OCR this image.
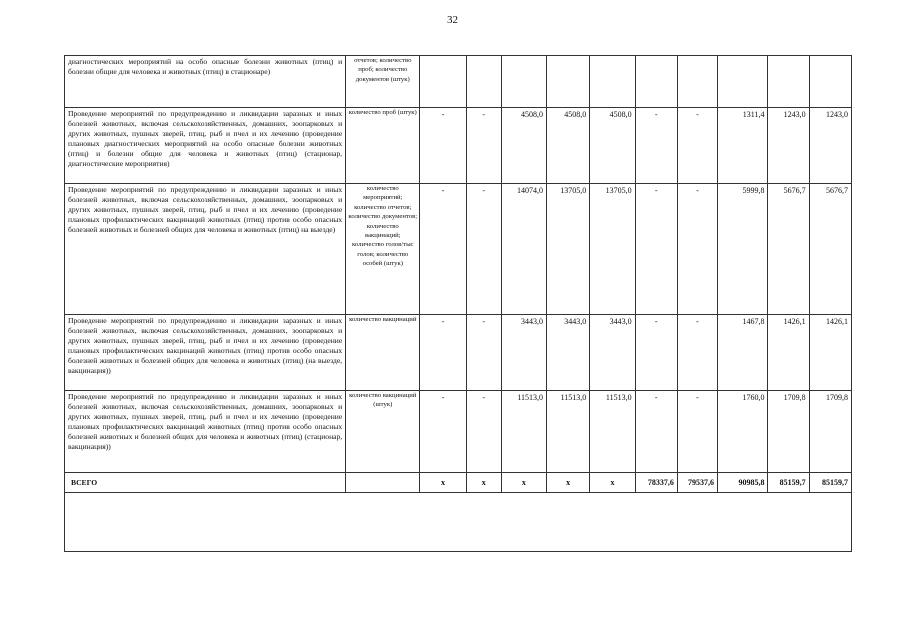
32
диагностических мероприятий на особо опасные болезни животных (птиц) и болезни общие для человека и животных (птиц) в стационаре)	отчетов; количество проб; количество документов (штук)										
Проведение мероприятий по предупреждению и ликвидации заразных и иных болезней животных, включая сельскохозяйственных, домашних, зоопарковых и других животных, пушных зверей, птиц, рыб и пчел и их лечению (проведение плановых диагностических мероприятий на особо опасные болезни животных (птиц) и болезни общие для человека и животных (птиц) (стационар, диагностические мероприятия)	количество проб (штук)	-	-	4508,0	4508,0	4508,0	-	-	1311,4	1243,0	1243,0
Проведение мероприятий по предупреждению и ликвидации заразных и иных болезней животных, включая сельскохозяйственных, домашних, зоопарковых и других животных, пушных зверей, птиц, рыб и пчел и их лечению (проведение плановых профилактических вакцинаций животных (птиц) против особо опасных болезней животных и болезней общих для человека и животных (птиц) на выезде)	количество мероприятий; количество отчетов; количество документов; количество вакцинаций; количество голов/тыс голов; количество особей (штук)	-	-	14074,0	13705,0	13705,0	-	-	5999,8	5676,7	5676,7
Проведение мероприятий по предупреждению и ликвидации заразных и иных болезней животных, включая сельскохозяйственных, домашних, зоопарковых и других животных, пушных зверей, птиц, рыб и пчел и их лечению (проведение плановых профилактических вакцинаций животных (птиц) против особо опасных болезней животных и болезней общих для человека и животных (птиц) (на выезде, вакцинация))	количество вакцинаций	-	-	3443,0	3443,0	3443,0	-	-	1467,8	1426,1	1426,1
Проведение мероприятий по предупреждению и ликвидации заразных и иных болезней животных, включая сельскохозяйственных, домашних, зоопарковых и других животных, пушных зверей, птиц, рыб и пчел и их лечению (проведение плановых профилактических вакцинаций животных (птиц) против особо опасных болезней животных и болезней общих для человека и животных (птиц) (стационар, вакцинация))	количество вакцинаций (штук)	-	-	11513,0	11513,0	11513,0	-	-	1760,0	1709,8	1709,8
ВСЕГО		х	х	х	х	х	78337,6	79537,6	90985,8	85159,7	85159,7
